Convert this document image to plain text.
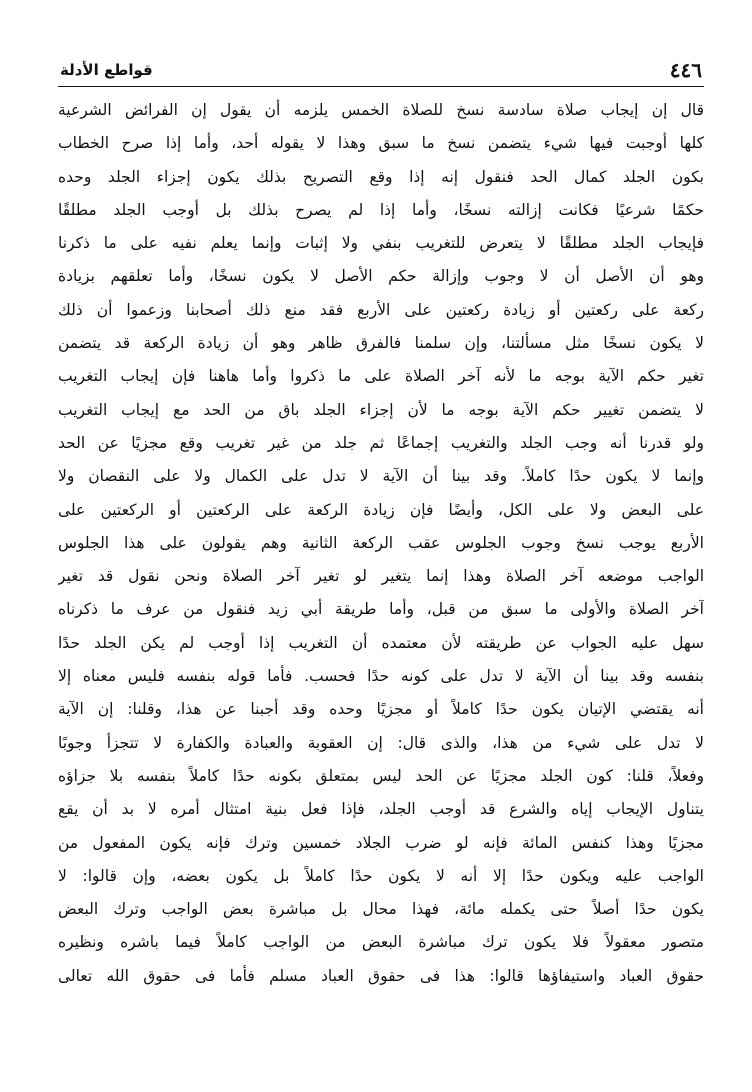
٤٤٦
قواطع الأدلة
قال إن إيجاب صلاة سادسة نسخ للصلاة الخمس يلزمه أن يقول إن الفرائض الشرعية
كلها أوجبت فيها شيء يتضمن نسخ ما سبق وهذا لا يقوله أحد، وأما إذا صرح الخطاب
بكون الجلد كمال الحد فنقول إنه إذا وقع التصريح بذلك يكون إجزاء الجلد وحده
حكمًا شرعيًا فكانت إزالته نسخًا، وأما إذا لم يصرح بذلك بل أوجب الجلد مطلقًا
فإيجاب الجلد مطلقًا لا يتعرض للتغريب بنفي ولا إثبات وإنما يعلم نفيه على ما ذكرنا
وهو أن الأصل أن لا وجوب وإزالة حكم الأصل لا يكون نسخًا، وأما تعلقهم بزيادة
ركعة على ركعتين أو زيادة ركعتين على الأربع فقد منع ذلك أصحابنا وزعموا أن ذلك
لا يكون نسخًا مثل مسألتنا، وإن سلمنا فالفرق ظاهر وهو أن زيادة الركعة قد يتضمن
تغير حكم الآية بوجه ما لأنه آخر الصلاة على ما ذكروا وأما هاهنا فإن إيجاب التغريب
لا يتضمن تغيير حكم الآية بوجه ما لأن إجزاء الجلد باق من الحد مع إيجاب التغريب
ولو قدرنا أنه وجب الجلد والتغريب إجماعًا ثم جلد من غير تغريب وقع مجزيًا عن الحد
وإنما لا يكون حدًا كاملاً. وقد بينا أن الآية لا تدل على الكمال ولا على النقصان ولا
على البعض ولا على الكل، وأيضًا فإن زيادة الركعة على الركعتين أو الركعتين على
الأربع يوجب نسخ وجوب الجلوس عقب الركعة الثانية وهم يقولون على هذا الجلوس
الواجب موضعه آخر الصلاة وهذا إنما يتغير لو تغير آخر الصلاة ونحن نقول قد تغير
آخر الصلاة والأولى ما سبق من قبل، وأما طريقة أبي زيد فنقول من عرف ما ذكرناه
سهل عليه الجواب عن طريقته لأن معتمده أن التغريب إذا أوجب لم يكن الجلد حدًا
بنفسه وقد بينا أن الآية لا تدل على كونه حدًا فحسب. فأما قوله بنفسه فليس معناه إلا
أنه يقتضي الإتيان يكون حدًا كاملاً أو مجزيًا وحده وقد أجبنا عن هذا، وقلنا: إن الآية
لا تدل على شيء من هذا، والذى قال: إن العقوبة والعبادة والكفارة لا تتجزأ وجوبًا
وفعلاً، قلنا: كون الجلد مجزيًا عن الحد ليس بمتعلق بكونه حدًا كاملاً بنفسه بلا جزاؤه
يتناول الإيجاب إياه والشرع قد أوجب الجلد، فإذا فعل بنية امتثال أمره لا بد أن يقع
مجزيًا وهذا كنفس المائة فإنه لو ضرب الجلاد خمسين وترك فإنه يكون المفعول من
الواجب عليه ويكون حدًا إلا أنه لا يكون حدًا كاملاً بل يكون بعضه، وإن قالوا: لا
يكون حدًا أصلاً حتى يكمله مائة، فهذا محال بل مباشرة بعض الواجب وترك البعض
متصور معقولاً فلا يكون ترك مباشرة البعض من الواجب كاملاً فيما باشره ونظيره
حقوق العباد واستيفاؤها قالوا: هذا فى حقوق العباد مسلم فأما فى حقوق الله تعالى
